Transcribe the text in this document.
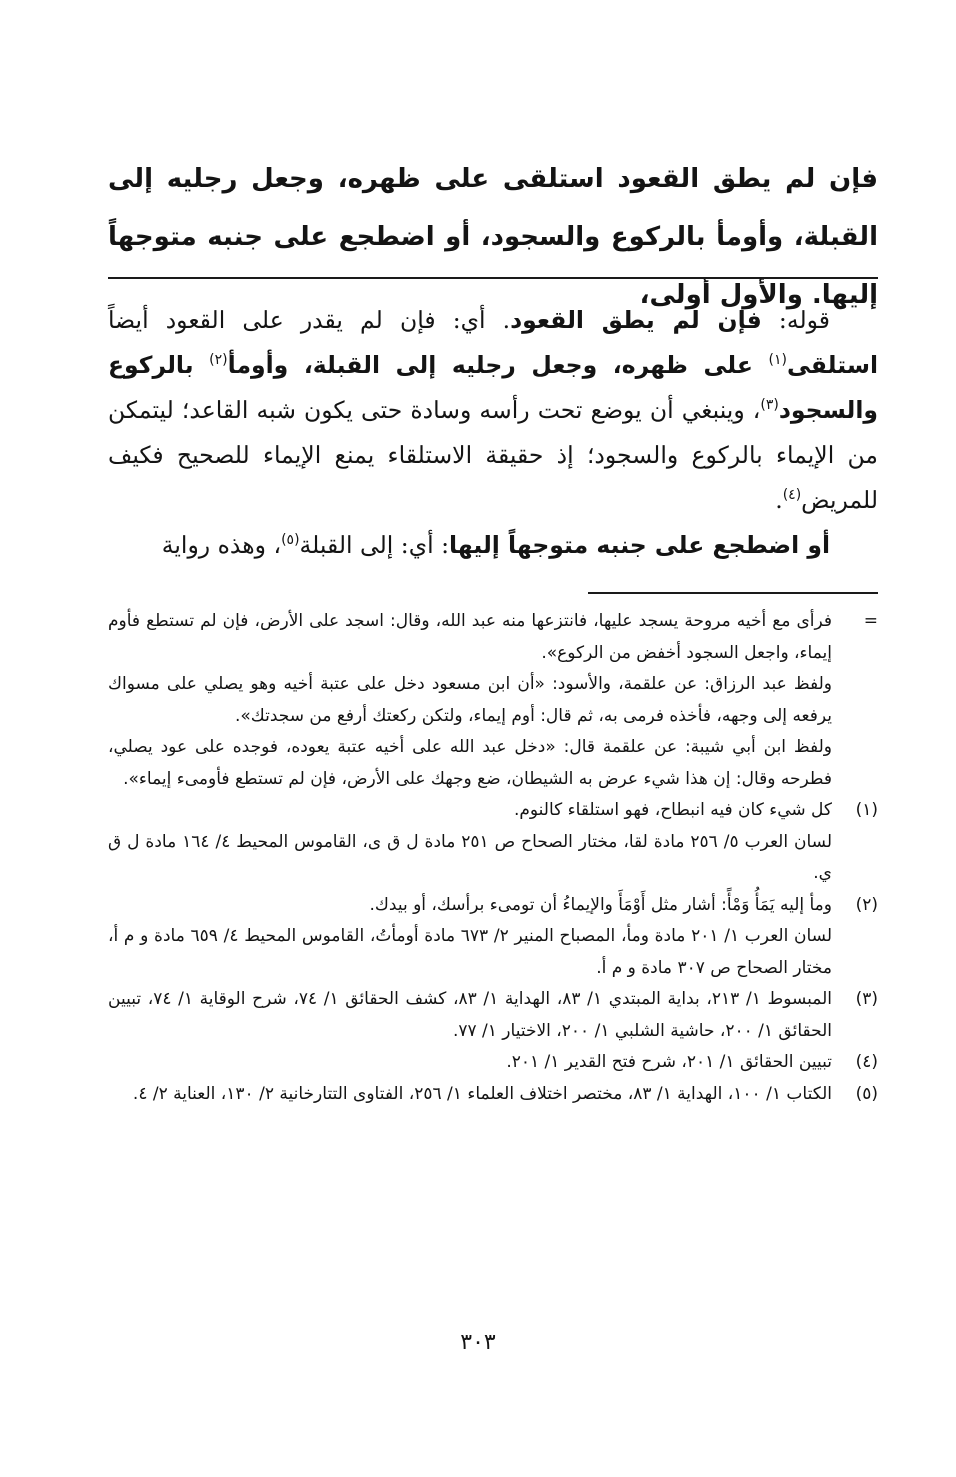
فإن لم يطق القعود استلقى على ظهره، وجعل رجليه إلى القبلة، وأومأ بالركوع والسجود، أو اضطجع على جنبه متوجهاً إليها. والأول أولى،

قوله: فإن لم يطق القعود. أي: فإن لم يقدر على القعود أيضاً استلقى$^{(١)}$ على ظهره، وجعل رجليه إلى القبلة، وأومأ$^{(٢)}$ بالركوع والسجود$^{(٣)}$، وينبغي أن يوضع تحت رأسه وسادة حتى يكون شبه القاعد؛ ليتمكن من الإيماء بالركوع والسجود؛ إذ حقيقة الاستلقاء يمنع الإيماء للصحيح فكيف للمريض$^{(٤)}$.

أو اضطجع على جنبه متوجهاً إليها: أي: إلى القبلة$^{(٥)}$، وهذه رواية

=
فرأى مع أخيه مروحة يسجد عليها، فانتزعها منه عبد الله، وقال: اسجد على الأرض، فإن لم تستطع فأوم إيماء، واجعل السجود أخفض من الركوع».
ولفظ عبد الرزاق: عن علقمة، والأسود: «أن ابن مسعود دخل على عتبة أخيه وهو يصلي على مسواك يرفعه إلى وجهه، فأخذه فرمى به، ثم قال: أوم إيماء، ولتكن ركعتك أرفع من سجدتك».
ولفظ ابن أبي شيبة: عن علقمة قال: «دخل عبد الله على أخيه عتبة يعوده، فوجده على عود يصلي، فطرحه وقال: إن هذا شيء عرض به الشيطان، ضع وجهك على الأرض، فإن لم تستطع فأومىء إيماء».
(١)
كل شيء كان فيه انبطاح، فهو استلقاء كالنوم.
لسان العرب ٥/ ٢٥٦ مادة لقا، مختار الصحاح ص ٢٥١ مادة ل ق ى، القاموس المحيط ٤/ ١٦٤ مادة ل ق ي.
(٢)
ومأ إليه يَمَأُ وَمْأً: أشار مثل أَوْمَأَ والإيماءُ أن تومىء برأسك، أو بيدك.
لسان العرب ١/ ٢٠١ مادة ومأ، المصباح المنير ٢/ ٦٧٣ مادة أومأتُ، القاموس المحيط ٤/ ٦٥٩ مادة و م أ، مختار الصحاح ص ٣٠٧ مادة و م أ.
(٣)
المبسوط ١/ ٢١٣، بداية المبتدي ١/ ٨٣، الهداية ١/ ٨٣، كشف الحقائق ١/ ٧٤، شرح الوقاية ١/ ٧٤، تبيين الحقائق ١/ ٢٠٠، حاشية الشلبي ١/ ٢٠٠، الاختيار ١/ ٧٧.
(٤)
تبيين الحقائق ١/ ٢٠١، شرح فتح القدير ١/ ٢٠١.
(٥)
الكتاب ١/ ١٠٠، الهداية ١/ ٨٣، مختصر اختلاف العلماء ١/ ٢٥٦، الفتاوى التتارخانية ٢/ ١٣٠، العناية ٢/ ٤.
٣٠٣
